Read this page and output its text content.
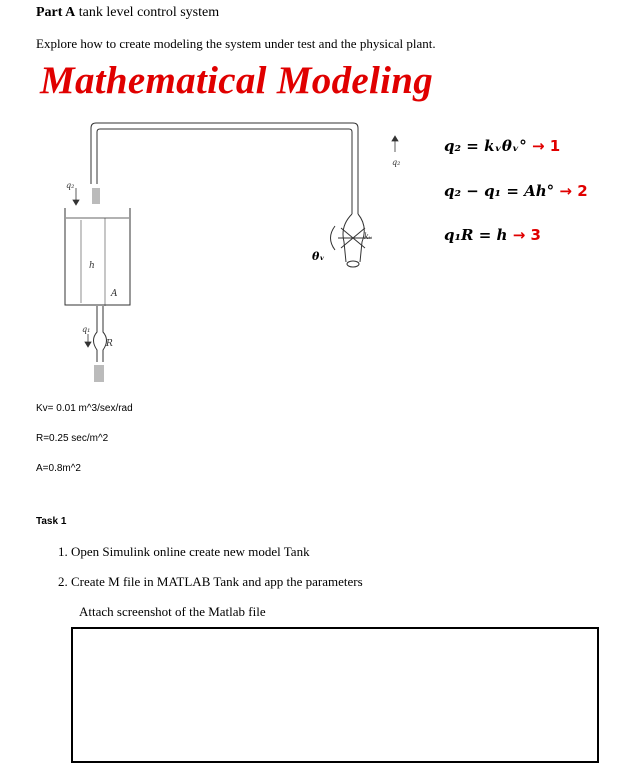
Part A tank level control system
Explore how to create modeling the system under test and the physical plant.
Mathematical Modeling
q₂
q₂
h
A
q₁
R
kᵥ
θᵥ
q₂ = kᵥθᵥ° → 1
q₂ − q₁ = Ah° → 2
q₁R = h → 3
Kv= 0.01 m^3/sex/rad
R=0.25 sec/m^2
A=0.8m^2
Task 1
1. Open Simulink online create new model Tank
2. Create M file in MATLAB Tank and app the parameters
Attach screenshot of the Matlab file
